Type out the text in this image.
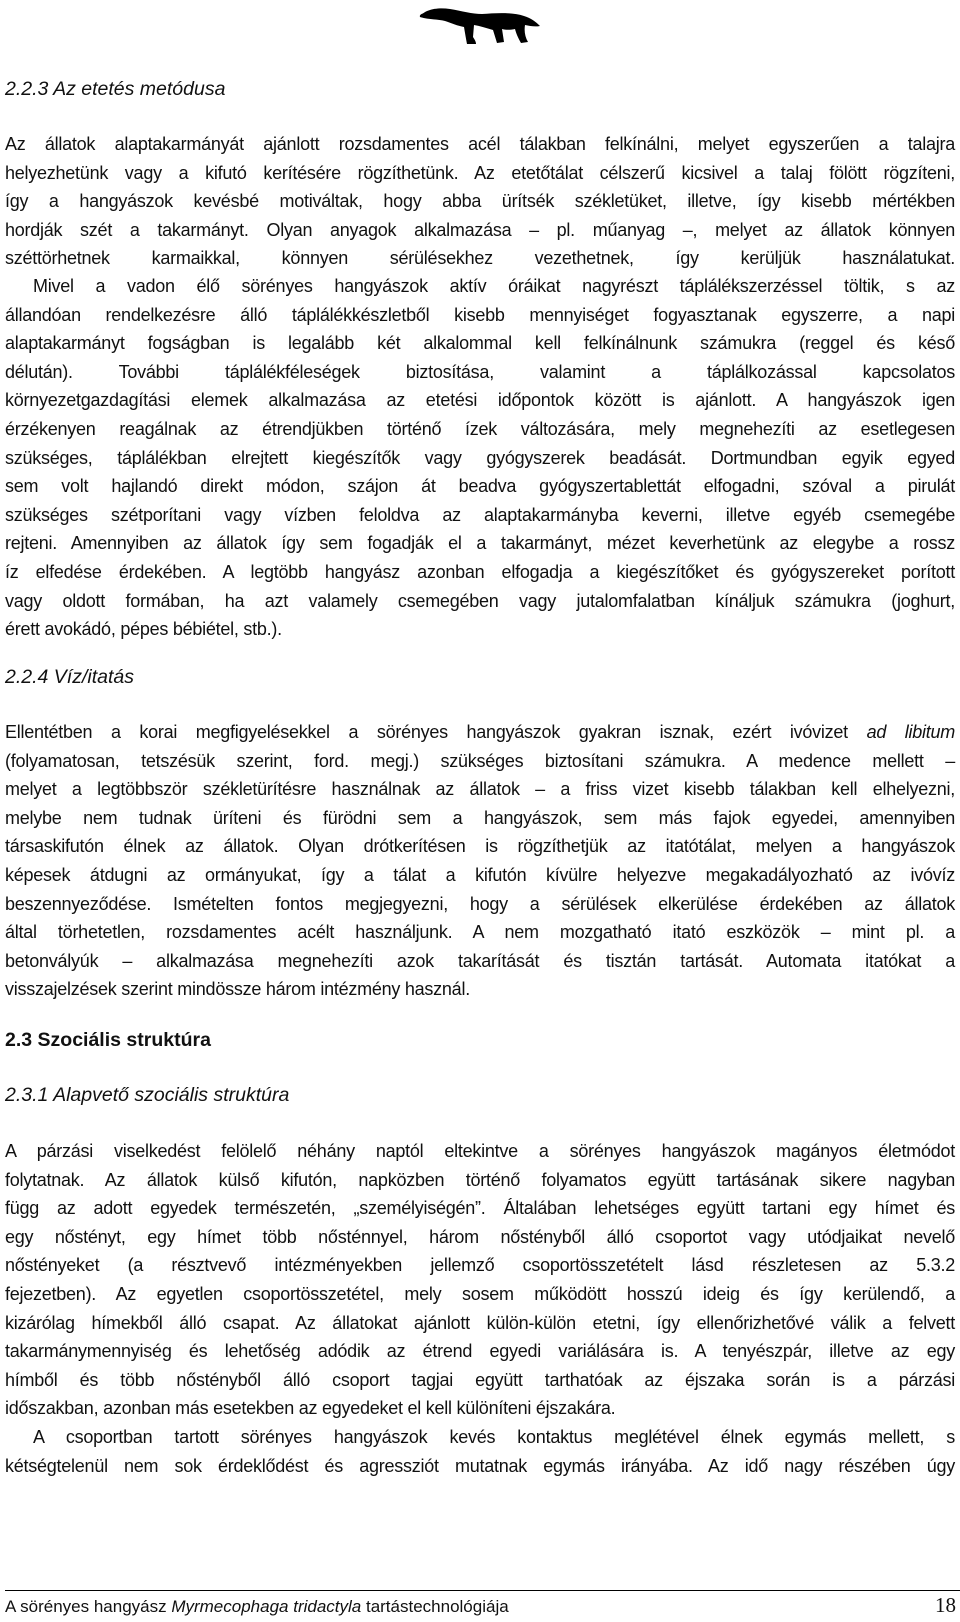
2.2.3 Az etetés metódusa
Az állatok alaptakarmányát ajánlott rozsdamentes acél tálakban felkínálni, melyet egyszerűen a talajra
helyezhetünk vagy a kifutó kerítésére rögzíthetünk. Az etetőtálat célszerű kicsivel a talaj fölött rögzíteni,
így a hangyászok kevésbé motiváltak, hogy abba ürítsék székletüket, illetve, így kisebb mértékben
hordják szét a takarmányt. Olyan anyagok alkalmazása – pl. műanyag –, melyet az állatok könnyen
széttörhetnek karmaikkal, könnyen sérülésekhez vezethetnek, így kerüljük használatukat.
Mivel a vadon élő sörényes hangyászok aktív óráikat nagyrészt táplálékszerzéssel töltik, s az
állandóan rendelkezésre álló táplálékkészletből kisebb mennyiséget fogyasztanak egyszerre, a napi
alaptakarmányt fogságban is legalább két alkalommal kell felkínálnunk számukra (reggel és késő
délután). További táplálékféleségek biztosítása, valamint a táplálkozással kapcsolatos
környezetgazdagítási elemek alkalmazása az etetési időpontok között is ajánlott. A hangyászok igen
érzékenyen reagálnak az étrendjükben történő ízek változására, mely megnehezíti az esetlegesen
szükséges, táplálékban elrejtett kiegészítők vagy gyógyszerek beadását. Dortmundban egyik egyed
sem volt hajlandó direkt módon, szájon át beadva gyógyszertablettát elfogadni, szóval a pirulát
szükséges szétporítani vagy vízben feloldva az alaptakarmányba keverni, illetve egyéb csemegébe
rejteni. Amennyiben az állatok így sem fogadják el a takarmányt, mézet keverhetünk az elegybe a rossz
íz elfedése érdekében. A legtöbb hangyász azonban elfogadja a kiegészítőket és gyógyszereket porított
vagy oldott formában, ha azt valamely csemegében vagy jutalomfalatban kínáljuk számukra (joghurt,
érett avokádó, pépes bébiétel, stb.).
2.2.4 Víz/itatás
Ellentétben a korai megfigyelésekkel a sörényes hangyászok gyakran isznak, ezért ivóvizet ad libitum
(folyamatosan, tetszésük szerint, ford. megj.) szükséges biztosítani számukra. A medence mellett –
melyet a legtöbbször székletürítésre használnak az állatok – a friss vizet kisebb tálakban kell elhelyezni,
melybe nem tudnak üríteni és fürödni sem a hangyászok, sem más fajok egyedei, amennyiben
társaskifutón élnek az állatok. Olyan drótkerítésen is rögzíthetjük az itatótálat, melyen a hangyászok
képesek átdugni az ormányukat, így a tálat a kifutón kívülre helyezve megakadályozható az ivóvíz
beszennyeződése. Ismételten fontos megjegyezni, hogy a sérülések elkerülése érdekében az állatok
által törhetetlen, rozsdamentes acélt használjunk. A nem mozgatható itató eszközök – mint pl. a
betonvályúk – alkalmazása megnehezíti azok takarítását és tisztán tartását. Automata itatókat a
visszajelzések szerint mindössze három intézmény használ.
2.3 Szociális struktúra
2.3.1 Alapvető szociális struktúra
A párzási viselkedést felölelő néhány naptól eltekintve a sörényes hangyászok magányos életmódot
folytatnak. Az állatok külső kifutón, napközben történő folyamatos együtt tartásának sikere nagyban
függ az adott egyedek természetén, „személyiségén”. Általában lehetséges együtt tartani egy hímet és
egy nőstényt, egy hímet több nősténnyel, három nőstényből álló csoportot vagy utódjaikat nevelő
nőstényeket (a résztvevő intézményekben jellemző csoportösszetételt lásd részletesen az 5.3.2
fejezetben). Az egyetlen csoportösszetétel, mely sosem működött hosszú ideig és így kerülendő, a
kizárólag hímekből álló csapat. Az állatokat ajánlott külön-külön etetni, így ellenőrizhetővé válik a felvett
takarmánymennyiség és lehetőség adódik az étrend egyedi variálására is. A tenyészpár, illetve az egy
hímből és több nőstényből álló csoport tagjai együtt tarthatóak az éjszaka során is a párzási
időszakban, azonban más esetekben az egyedeket el kell különíteni éjszakára.
A csoportban tartott sörényes hangyászok kevés kontaktus meglétével élnek egymás mellett, s
kétségtelenül nem sok érdeklődést és agressziót mutatnak egymás irányába. Az idő nagy részében úgy
A sörényes hangyász Myrmecophaga tridactyla tartástechnológiája	18
